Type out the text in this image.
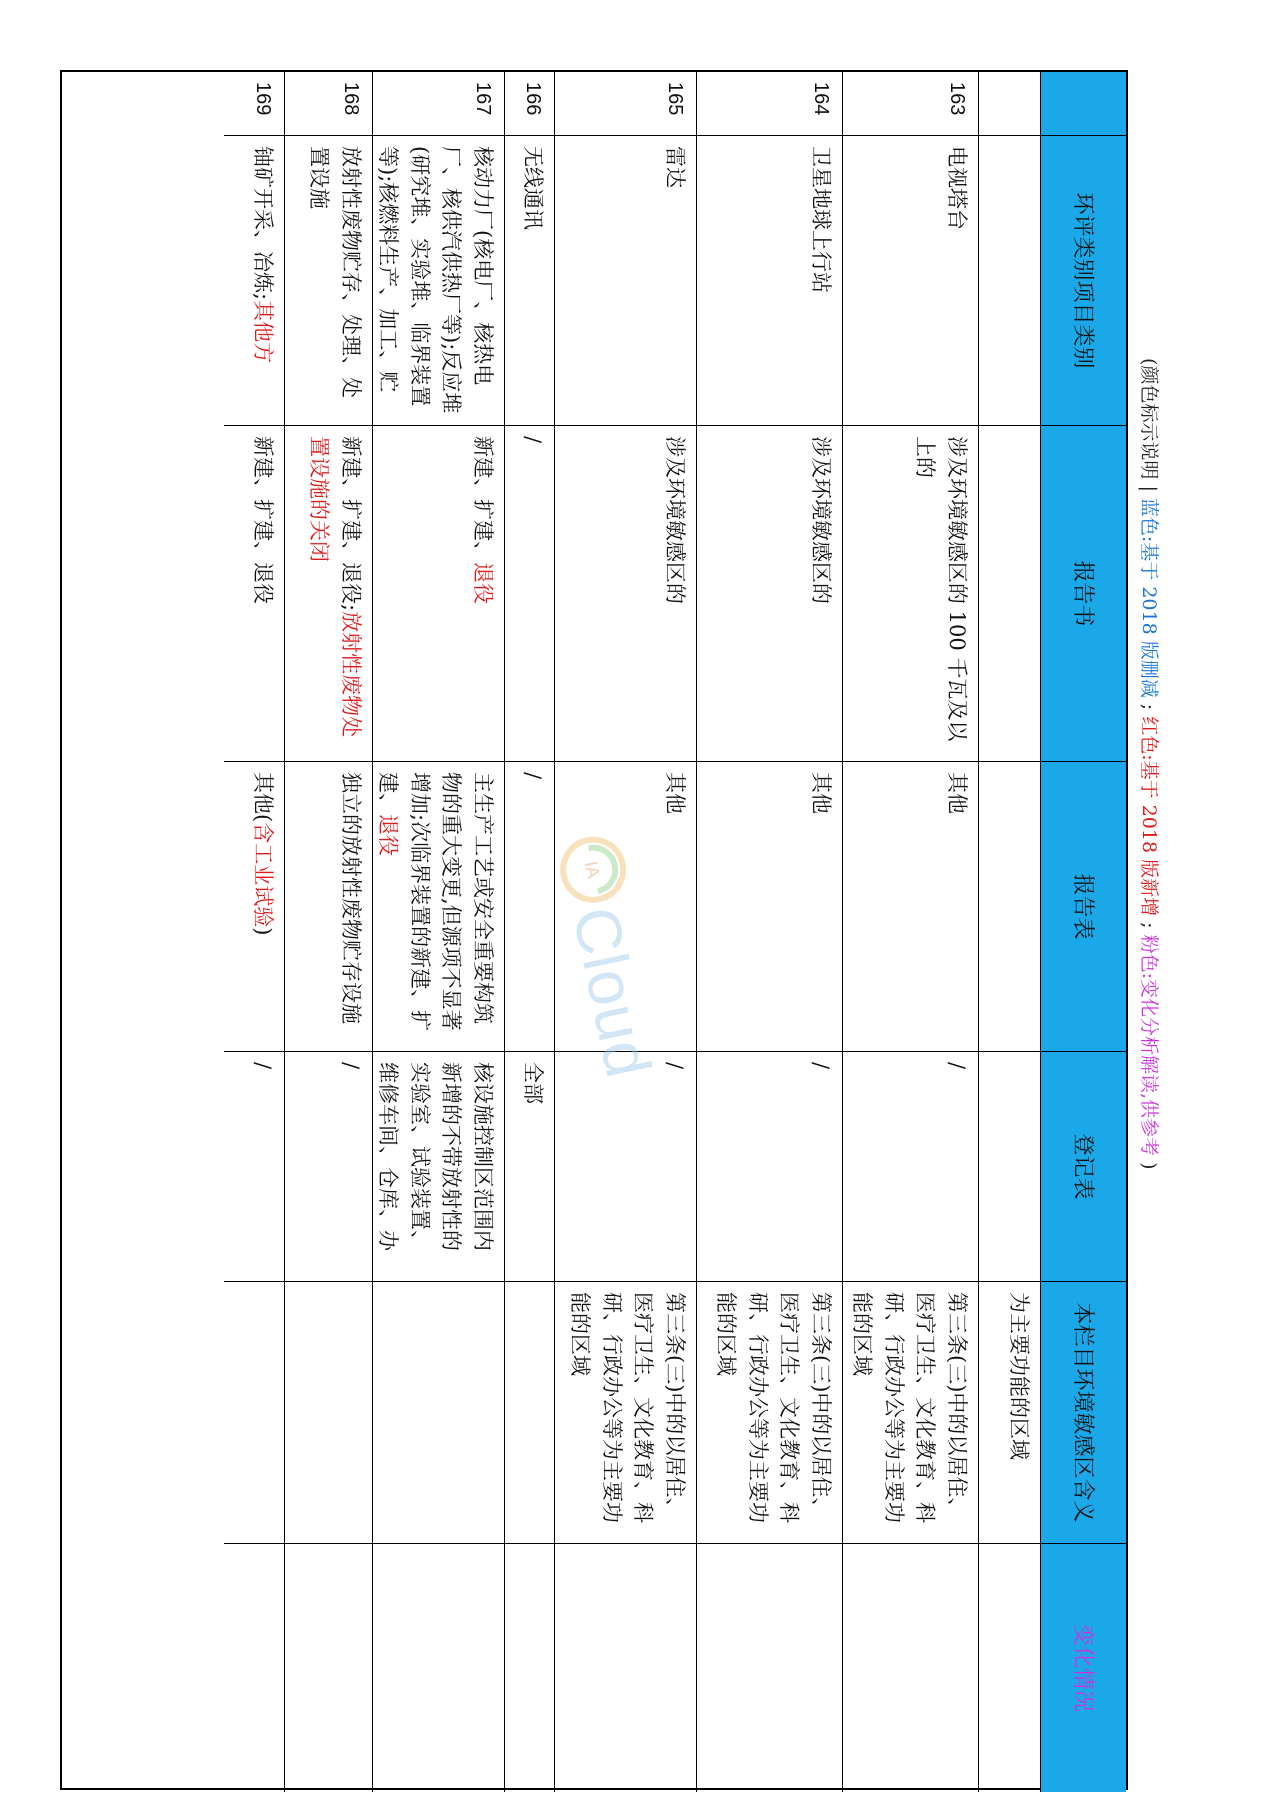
(颜色标示说明 | 蓝色:基于 2018 版删减 ; 红色:基于 2018 版新增 ; 粉色:变化分析解读,供参考 )
环评类别项目类别
报告书
报告表
登记表
本栏目环境敏感区含义
变化情况
为主要功能的区域
163
电视塔台
涉及环境敏感区的 100 千瓦及以上的
其他
/
第三条(三)中的以居住、医疗卫生、文化教育、科研、行政办公等为主要功能的区域
164
卫星地球上行站
涉及环境敏感区的
其他
/
第三条(三)中的以居住、医疗卫生、文化教育、科研、行政办公等为主要功能的区域
165
雷达
涉及环境敏感区的
其他
/
第三条(三)中的以居住、医疗卫生、文化教育、科研、行政办公等为主要功能的区域
166
无线通讯
/
/
全部
167
核动力厂(核电厂、核热电厂、核供汽供热厂等);反应堆(研究堆、实验堆、临界装置等);核燃料生产、加工、贮
新建、扩建、退役
主生产工艺或安全重要构筑物的重大变更,但源项不显著增加;次临界装置的新建、扩建、退役
核设施控制区范围内新增的不带放射性的实验室、试验装置、维修车间、仓库、办
168
放射性废物贮存、处理、处置设施
新建、扩建、退役;放射性废物处置设施的关闭
独立的放射性废物贮存设施
/
169
铀矿开采、冶炼;其他方
新建、扩建、退役
其他(含工业试验)
/
IA
Cloud
